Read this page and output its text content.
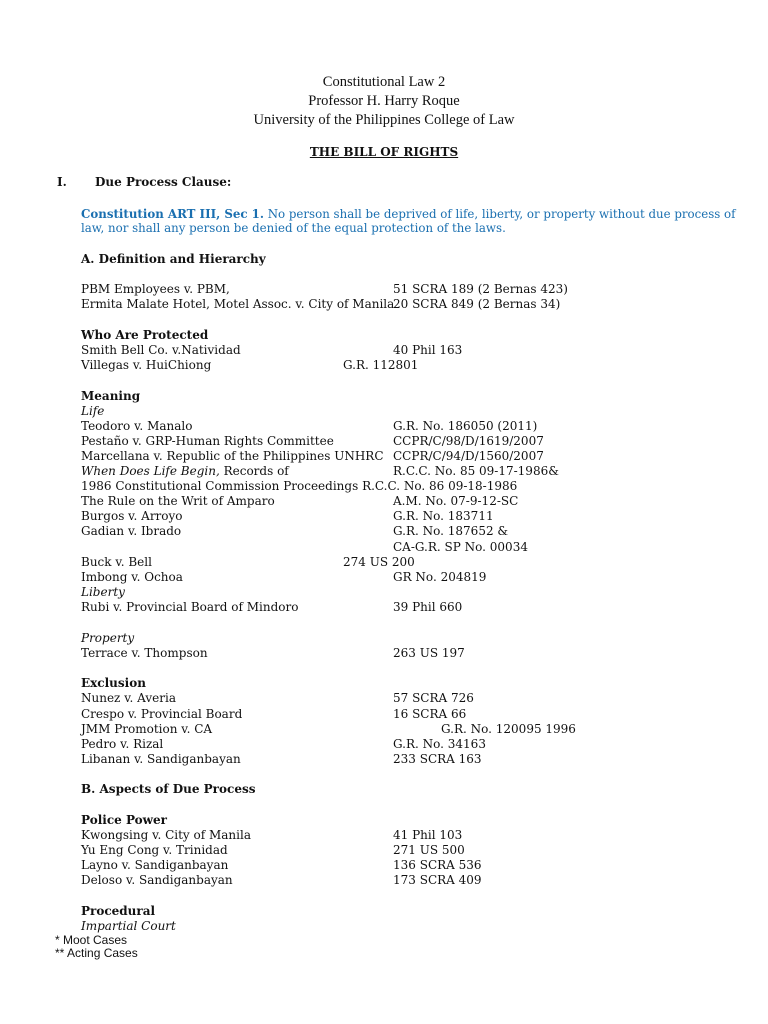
Constitutional Law 2
Professor H. Harry Roque
University of the Philippines College of Law
THE BILL OF RIGHTS
I. Due Process Clause:
Constitution ART III, Sec 1. No person shall be deprived of life, liberty, or property without due process of
law, nor shall any person be denied of the equal protection of the laws.
A. Definition and Hierarchy
PBM Employees v. PBM,	51 SCRA 189 (2 Bernas 423)
Ermita Malate Hotel, Motel Assoc. v. City of Manila
20 SCRA 849 (2 Bernas 34)
Who Are Protected
Smith Bell Co. v.Natividad	40 Phil 163
Villegas v. HuiChiong	G.R. 112801
Meaning
Life
Teodoro v. Manalo	G.R. No. 186050 (2011)
Pestaño v. GRP-Human Rights Committee	CCPR/C/98/D/1619/2007
Marcellana v. Republic of the Philippines UNHRC CCPR/C/94/D/1560/2007
When Does Life Begin, Records of	R.C.C. No. 85 09-17-1986&
1986 Constitutional Commission Proceedings R.C.C. No. 86 09-18-1986
The Rule on the Writ of Amparo	A.M. No. 07-9-12-SC
Burgos v. Arroyo	G.R. No. 183711
Gadian v. Ibrado	G.R. No. 187652 &
CA-G.R. SP No. 00034
Buck v. Bell	274 US 200
Imbong v. Ochoa	GR No. 204819
Liberty
Rubi v. Provincial Board of Mindoro	39 Phil 660
Property
Terrace v. Thompson	263 US 197
Exclusion
Nunez v. Averia	57 SCRA 726
Crespo v. Provincial Board	16 SCRA 66
JMM Promotion v. CA	G.R. No. 120095 1996
Pedro v. Rizal	G.R. No. 34163
Libanan v. Sandiganbayan	233 SCRA 163
B. Aspects of Due Process
Police Power
Kwongsing v. City of Manila	41 Phil 103
Yu Eng Cong v. Trinidad	271 US 500
Layno v. Sandiganbayan	136 SCRA 536
Deloso v. Sandiganbayan	173 SCRA 409
Procedural
Impartial Court
* Moot Cases
** Acting Cases
